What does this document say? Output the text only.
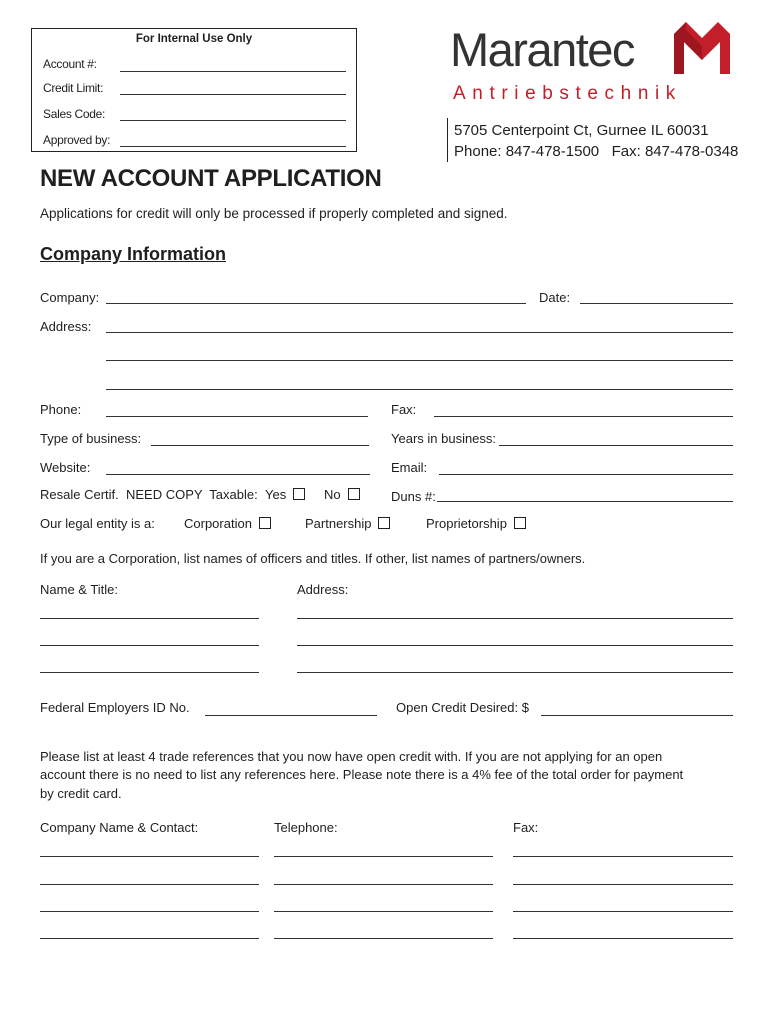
For Internal Use Only
Account #:
Credit Limit:
Sales Code:
Approved by:
Marantec
Antriebstechnik
5705 Centerpoint Ct, Gurnee IL 60031
Phone: 847-478-1500   Fax: 847-478-0348
NEW ACCOUNT APPLICATION
Applications for credit will only be processed if properly completed and signed.
Company Information
Company:	Date:
Address:
Phone:	Fax:
Type of business:	Years in business:
Website:	Email:
Resale Certif.  NEED COPY  Taxable: Yes	No	Duns #:
Our legal entity is a: Corporation	Partnership	Proprietorship
If you are a Corporation, list names of officers and titles. If other, list names of partners/owners.
Name & Title:	Address:
Federal Employers ID No.	Open Credit Desired: $
Please list at least 4 trade references that you now have open credit with. If you are not applying for an open
account there is no need to list any references here. Please note there is a 4% fee of the total order for payment
by credit card.
Company Name & Contact:	Telephone:	Fax:
